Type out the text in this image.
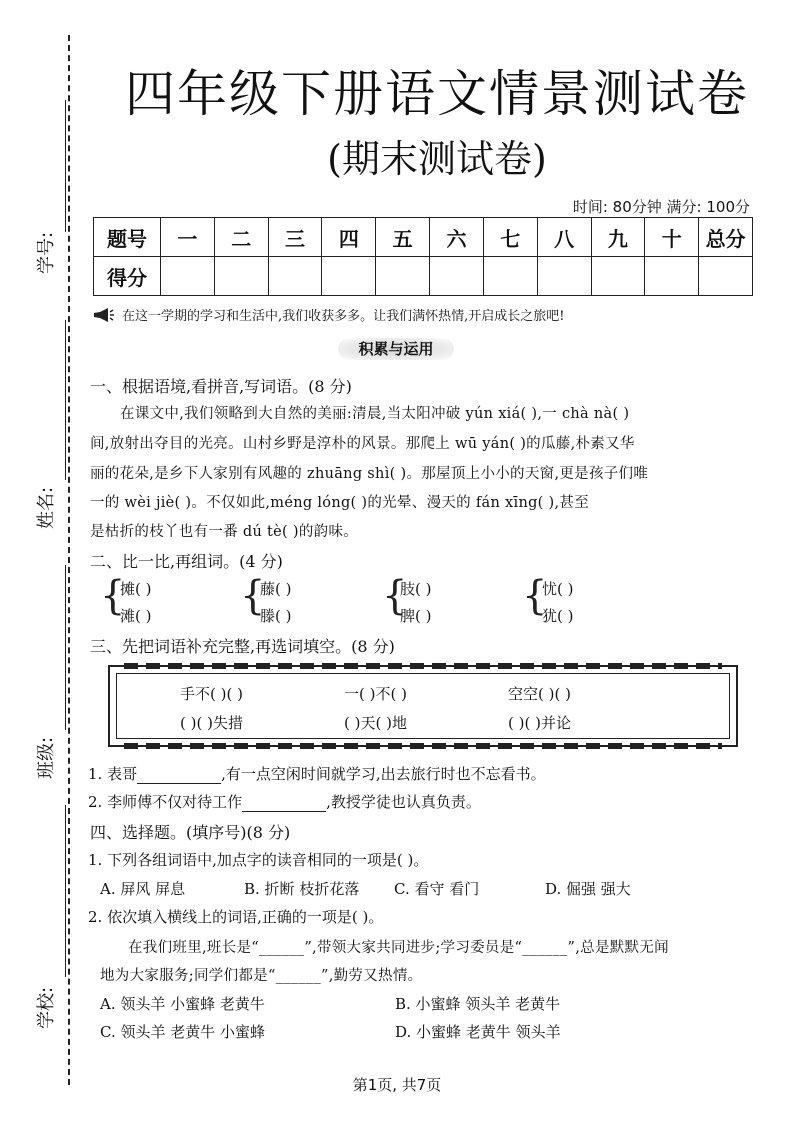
学号:
姓名:
班级:
学校:
四年级下册语文情景测试卷
(期末测试卷)
时间: 80分钟 满分: 100分
题号	一	二	三	四	五	六	七	八	九	十	总分
得分											
在这一学期的学习和生活中,我们收获多多。让我们满怀热情,开启成长之旅吧!
积累与运用
一、根据语境,看拼音,写词语。(8 分)
在课文中,我们领略到大自然的美丽:清晨,当太阳冲破 yún xiá( ),一 chà nà( )
间,放射出夺目的光亮。山村乡野是淳朴的风景。那爬上 wū yán( )的瓜藤,朴素又华
丽的花朵,是乡下人家别有风趣的 zhuāng shì( )。那屋顶上小小的天窗,更是孩子们唯
一的 wèi jiè( )。不仅如此,méng lóng( )的光晕、漫天的 fán xīng( ),甚至
是枯折的枝丫也有一番 dú tè( )的韵味。
二、比一比,再组词。(4 分)
{
摊( )
滩( ) {
藤( )
滕( ) {
肢( )
脾( ) {
忧( )
犹( )
三、先把词语补充完整,再选词填空。(8 分)
手不( )( )	一( )不( )	空空( )( )
( )( )失措	( )天( )地	( )( )并论
1. 表哥	,有一点空闲时间就学习,出去旅行时也不忘看书。
2. 李师傅不仅对待工作	,教授学徒也认真负责。
四、选择题。(填序号)(8 分)
1. 下列各组词语中,加点字的读音相同的一项是( )。
A. 屏风 屏息	B. 折断 枝折花落 C. 看守 看门	D. 倔强 强大
2. 依次填入横线上的词语,正确的一项是( )。
在我们班里,班长是“______”,带领大家共同进步;学习委员是“______”,总是默默无闻
地为大家服务;同学们都是“______”,勤劳又热情。
A. 领头羊 小蜜蜂 老黄牛	B. 小蜜蜂 领头羊 老黄牛
C. 领头羊 老黄牛 小蜜蜂	D. 小蜜蜂 老黄牛 领头羊
第1页, 共7页
